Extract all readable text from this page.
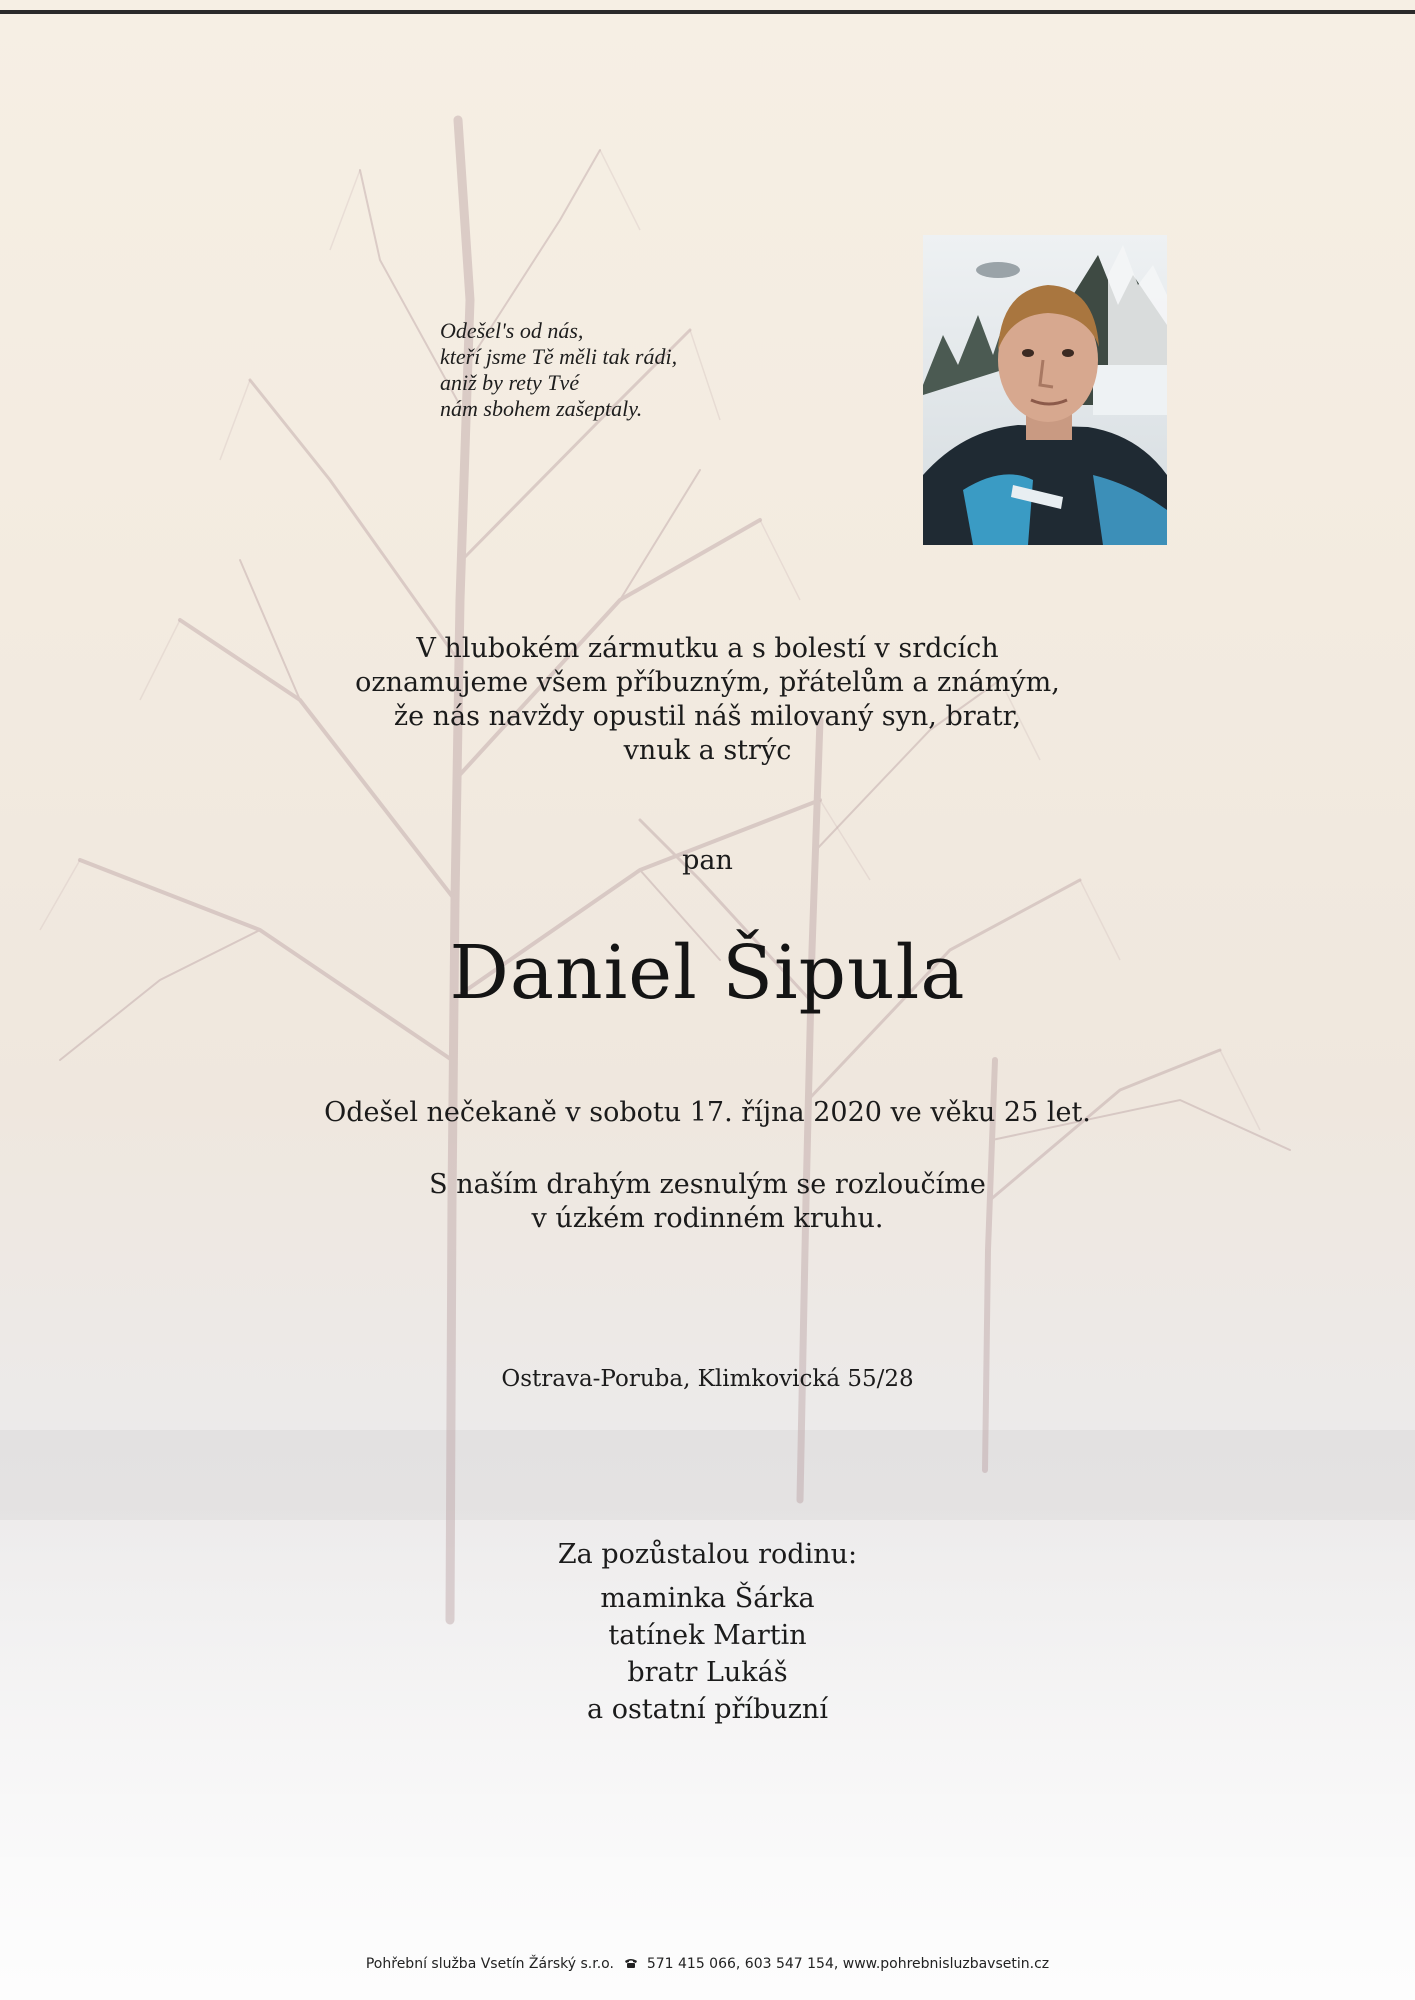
Odešel's od nás,
kteří jsme Tě měli tak rádi,
aniž by rety Tvé
nám sbohem zašeptaly.
V hlubokém zármutku a s bolestí v srdcích
oznamujeme všem příbuzným, přátelům a známým,
že nás navždy opustil náš milovaný syn, bratr,
vnuk a strýc
pan
Daniel Šipula
Odešel nečekaně v sobotu 17. října 2020 ve věku 25 let.
S naším drahým zesnulým se rozloučíme
v úzkém rodinném kruhu.
Ostrava-Poruba, Klimkovická 55/28
Za pozůstalou rodinu:
maminka Šárka
tatínek Martin
bratr Lukáš
a ostatní příbuzní
Pohřební služba Vsetín Žárský s.r.o. 571 415 066, 603 547 154, www.pohrebnisluzbavsetin.cz
